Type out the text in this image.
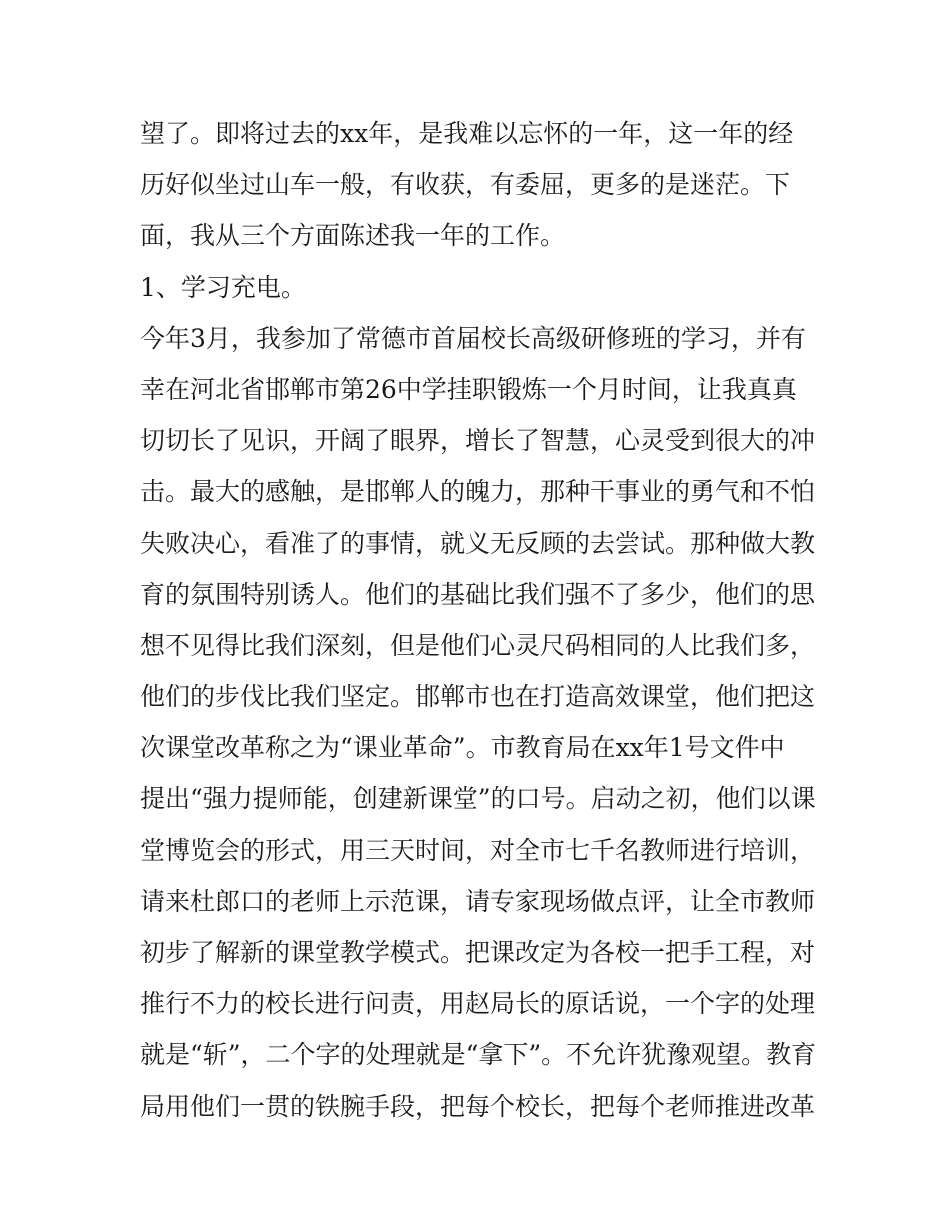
望了。即将过去的xx年，是我难以忘怀的一年，这一年的经
历好似坐过山车一般，有收获，有委屈，更多的是迷茫。下
面，我从三个方面陈述我一年的工作。
1、学习充电。
今年3月，我参加了常德市首届校长高级研修班的学习，并有
幸在河北省邯郸市第26中学挂职锻炼一个月时间，让我真真
切切长了见识，开阔了眼界，增长了智慧，心灵受到很大的冲
击。最大的感触，是邯郸人的魄力，那种干事业的勇气和不怕
失败决心，看准了的事情，就义无反顾的去尝试。那种做大教
育的氛围特别诱人。他们的基础比我们强不了多少，他们的思
想不见得比我们深刻，但是他们心灵尺码相同的人比我们多，
他们的步伐比我们坚定。邯郸市也在打造高效课堂，他们把这
次课堂改革称之为“课业革命”。市教育局在xx年1号文件中
提出“强力提师能，创建新课堂”的口号。启动之初，他们以课
堂博览会的形式，用三天时间，对全市七千名教师进行培训，
请来杜郎口的老师上示范课，请专家现场做点评，让全市教师
初步了解新的课堂教学模式。把课改定为各校一把手工程，对
推行不力的校长进行问责，用赵局长的原话说，一个字的处理
就是“斩”，二个字的处理就是“拿下”。不允许犹豫观望。教育
局用他们一贯的铁腕手段，把每个校长，把每个老师推进改革
